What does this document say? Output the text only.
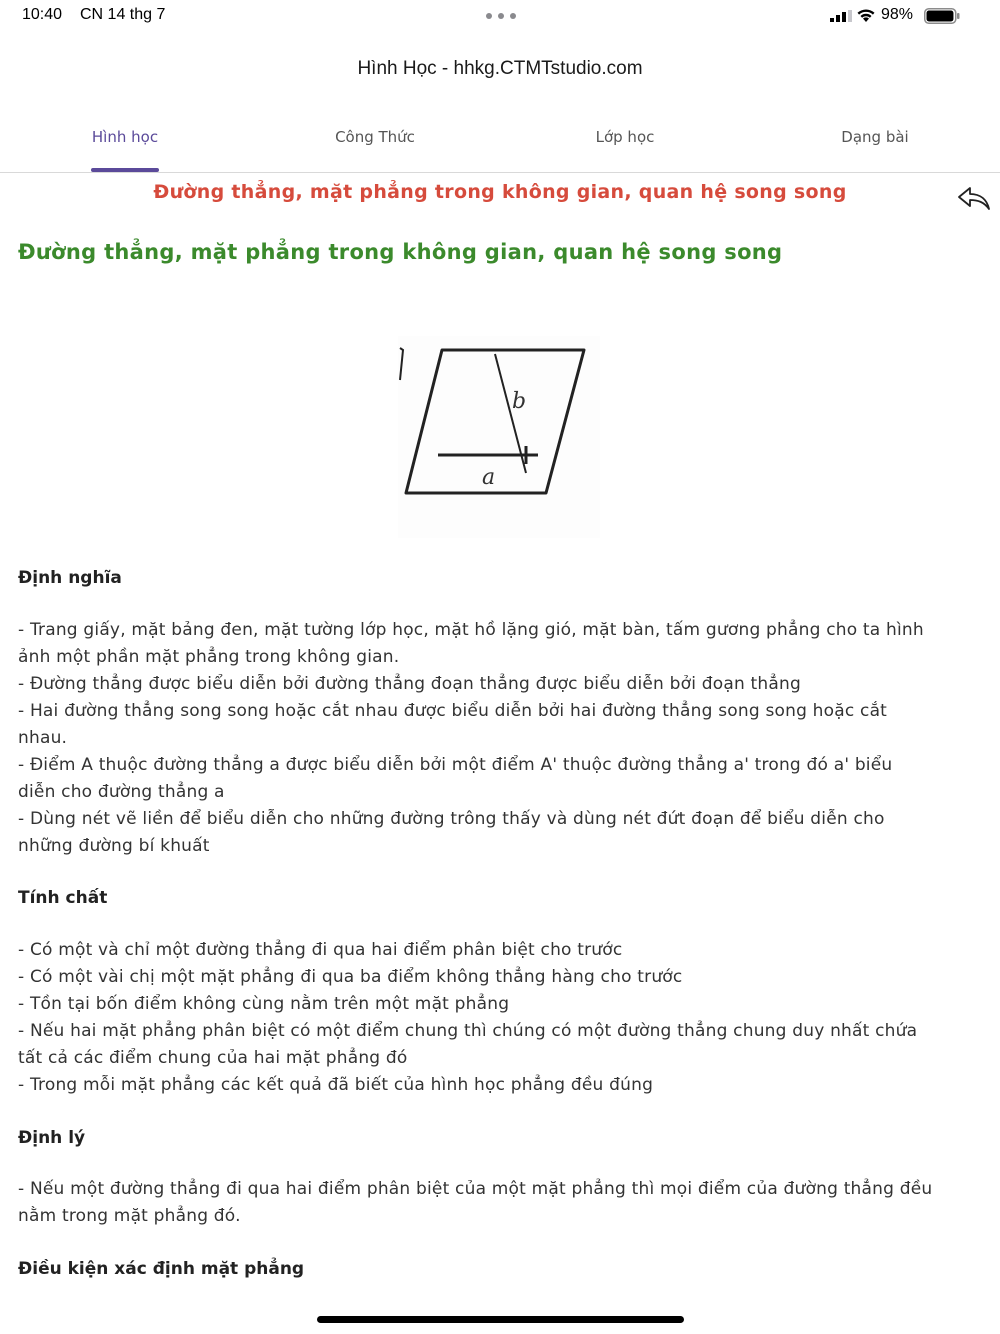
10:40 CN 14 thg 7	98%
Hình Học - hhkg.CTMTstudio.com
Hình học	Công Thức	Lớp học	Dạng bài
Đường thẳng, mặt phẳng trong không gian, quan hệ song song
Đường thẳng, mặt phẳng trong không gian, quan hệ song song
b
a
Định nghĩa
- Trang giấy, mặt bảng đen, mặt tường lớp học, mặt hồ lặng gió, mặt bàn, tấm gương phẳng cho ta hình
ảnh một phần mặt phẳng trong không gian.
- Đường thẳng được biểu diễn bởi đường thẳng đoạn thẳng được biểu diễn bởi đoạn thẳng
- Hai đường thẳng song song hoặc cắt nhau được biểu diễn bởi hai đường thẳng song song hoặc cắt
nhau.
- Điểm A thuộc đường thẳng a được biểu diễn bởi một điểm A' thuộc đường thẳng a' trong đó a' biểu
diễn cho đường thẳng a
- Dùng nét vẽ liền để biểu diễn cho những đường trông thấy và dùng nét đứt đoạn để biểu diễn cho
những đường bí khuất
Tính chất
- Có một và chỉ một đường thẳng đi qua hai điểm phân biệt cho trước
- Có một vài chị một mặt phẳng đi qua ba điểm không thẳng hàng cho trước
- Tồn tại bốn điểm không cùng nằm trên một mặt phẳng
- Nếu hai mặt phẳng phân biệt có một điểm chung thì chúng có một đường thẳng chung duy nhất chứa
tất cả các điểm chung của hai mặt phẳng đó
- Trong mỗi mặt phẳng các kết quả đã biết của hình học phẳng đều đúng
Định lý
- Nếu một đường thẳng đi qua hai điểm phân biệt của một mặt phẳng thì mọi điểm của đường thẳng đều
nằm trong mặt phẳng đó.
Điều kiện xác định mặt phẳng
